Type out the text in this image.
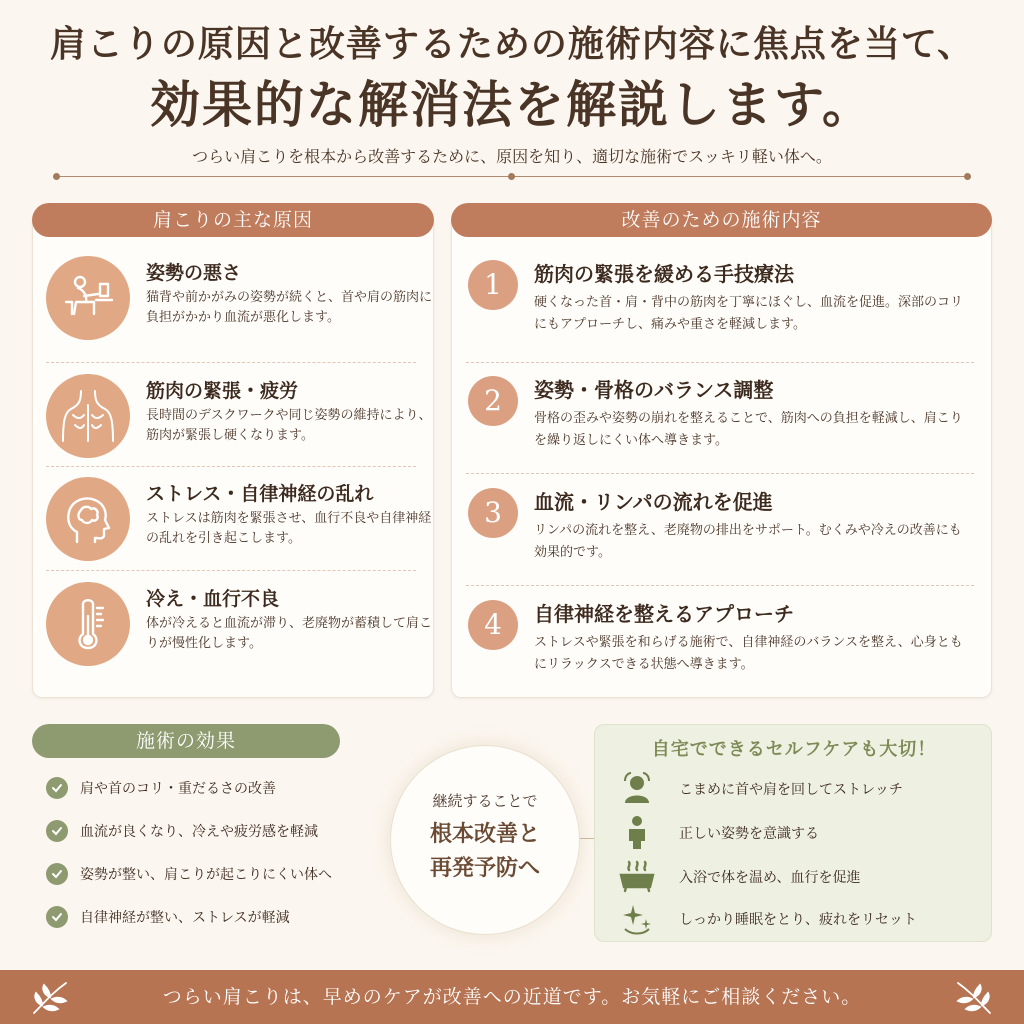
肩こりの原因と改善するための施術内容に焦点を当て、
効果的な解消法を解説します。
つらい肩こりを根本から改善するために、原因を知り、適切な施術でスッキリ軽い体へ。
肩こりの主な原因
姿勢の悪さ
猫背や前かがみの姿勢が続くと、首や肩の筋肉に負担がかかり血流が悪化します。
筋肉の緊張・疲労
長時間のデスクワークや同じ姿勢の維持により、筋肉が緊張し硬くなります。
ストレス・自律神経の乱れ
ストレスは筋肉を緊張させ、血行不良や自律神経の乱れを引き起こします。
冷え・血行不良
体が冷えると血流が滞り、老廃物が蓄積して肩こりが慢性化します。
改善のための施術内容
1	筋肉の緊張を緩める手技療法
硬くなった首・肩・背中の筋肉を丁寧にほぐし、血流を促進。深部のコリにもアプローチし、痛みや重さを軽減します。
2	姿勢・骨格のバランス調整
骨格の歪みや姿勢の崩れを整えることで、筋肉への負担を軽減し、肩こりを繰り返しにくい体へ導きます。
3	血流・リンパの流れを促進
リンパの流れを整え、老廃物の排出をサポート。むくみや冷えの改善にも効果的です。
4	自律神経を整えるアプローチ
ストレスや緊張を和らげる施術で、自律神経のバランスを整え、心身ともにリラックスできる状態へ導きます。
施術の効果
肩や首のコリ・重だるさの改善
血流が良くなり、冷えや疲労感を軽減
姿勢が整い、肩こりが起こりにくい体へ
自律神経が整い、ストレスが軽減
継続することで
根本改善と
再発予防へ
自宅でできるセルフケアも大切！
こまめに首や肩を回してストレッチ
正しい姿勢を意識する
入浴で体を温め、血行を促進
しっかり睡眠をとり、疲れをリセット
つらい肩こりは、早めのケアが改善への近道です。お気軽にご相談ください。
